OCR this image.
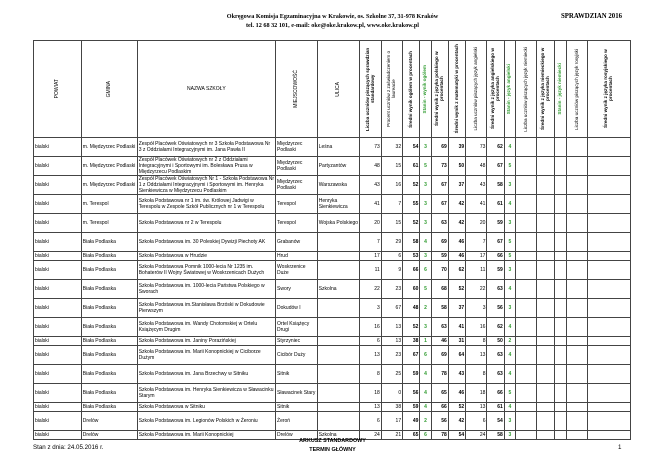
Okręgowa Komisja Egzaminacyjna w Krakowie, os. Szkolne 37, 31-978 Kraków
tel. 12 68 32 101, e-mail: oke@oke.krakow.pl, www.oke.krakow.pl
SPRAWDZIAN 2016
POWIAT	GMINA	NAZWA SZKOŁY	MIEJSCOWOŚĆ	ULICA	Liczba uczniów piszących sprawdzian standardowy	Procent uczniów z zaświadczeniem o laureacie	Średni wynik ogólem w procentach	Stanin - wynik ogólem	Średni wynik z języka polskiego w procentach	Średni wynik z matematyki w procentach	Liczba uczniów piszących język angielski	Średni wynik z języka angielskiego w procentach	Stanin - język angielski	Liczba uczniów piszących język niemiecki	Średni wynik z języka niemieckiego w procentach	Stanin - język niemiecki	Liczba uczniów piszących język rosyjski	Średni wynik z języka rosyjskiego w procentach

bialski	m. Międzyrzec Podlaski	Zespół Placówek Oświatowych nr 3 Szkoła Podstawowa Nr 3 z Oddziałami Integracyjnymi im. Jana Pawła II	Międzyrzec Podlaski	Leśna	73	32	54	3	69	39	73	62	4					
bialski	m. Międzyrzec Podlaski	Zespół Placówek Oświatowych nr 2 z Oddziałami Integracyjnymi i Sportowymi im. Bolesława Prusa w Międzyrzecu Podlaskim	Międzyrzec Podlaski	Partyzantów	48	15	61	5	73	50	48	67	5					
bialski	m. Międzyrzec Podlaski	Zespół Placówek Oświatowych Nr 1 - Szkoła Podstawowa Nr 1 z Oddziałami Integracyjnymi i Sportowymi im. Henryka Sienkiewicza w Międzyrzecu Podlaskim	Międzyrzec Podlaski	Warszawska	43	16	52	3	67	37	43	58	3					
bialski	m. Terespol	Szkoła Podstawowa nr 1 im. św. Królowej Jadwigi w Terespolu w Zespole Szkół Publicznych nr 1 w Terespolu	Terespol	Henryka Sienkiewicza	41	7	55	3	67	42	41	61	4					
bialski	m. Terespol	Szkoła Podstawowa nr 2 w Terespolu	Terespol	Wojska Polskiego	20	15	52	3	63	42	20	59	3					
bialski	Biała Podlaska	Szkoła Podstawowa im. 30 Poleskiej Dywizji Piechoty AK	Grabanów		7	29	58	4	69	46	7	67	5					
bialski	Biała Podlaska	Szkoła Podstawowa w Hrudzie	Hrud		17	6	53	3	59	46	17	66	5					
bialski	Biała Podlaska	Szkoła Podstawowa Pomnik 1000-lecia Nr 1235 im. Bohaterów II Wojny Światowej w Woskrzenicach Dużych	Woskrzenice Duże		11	9	66	6	70	62	11	59	3					
bialski	Biała Podlaska	Szkoła Podstawowa im. 1000-lecia Państwa Polskiego w Sworach	Swory	Szkolna	22	23	60	5	68	52	22	63	4					
bialski	Biała Podlaska	Szkoła Podstawowa im.Stanisława Brzóski w Dokudowie Pierwszym	Dokudów I		3	67	48	2	58	37	3	56	3					
bialski	Biała Podlaska	Szkoła Podstawowa im. Wandy Chotomskiej w Ortelu Książęcym Drugim	Ortel Książęcy Drugi		16	13	52	3	63	41	16	62	4					
bialski	Biała Podlaska	Szkoła Podstawowa im. Janiny Porazińskiej	Styrzyniec		6	13	38	1	46	31	8	50	2					
bialski	Biała Podlaska	Szkoła Podstawowa im. Marii Konopnickiej w Ciciborze Dużym	Cicibór Duży		13	23	67	6	69	64	13	63	4					
bialski	Biała Podlaska	Szkoła Podstawowa im. Jana Brzechwy w Sitniku	Sitnik		8	25	59	4	78	43	8	63	4					
bialski	Biała Podlaska	Szkoła Podstawowa im. Henryka Sienkiewicza w Sławacinku Starym	Sławacinek Stary		18	0	56	4	65	46	18	66	5					
bialski	Biała Podlaska	Szkoła Podstawowa w Sitniku	Sitnik		13	38	59	4	66	52	13	61	4					
bialski	Drelów	Szkoła Podstawowa im. Legionów Polskich w Żeroniu	Żeroń		6	17	49	2	56	42	6	54	3					
bialski	Drelów	Szkoła Podstawowa im. Marii Konopnickiej	Drelów	Szkolna	24	21	65	6	78	54	24	58	3					
Stan z dnia: 24.05.2016 r.
ARKUSZ STANDARDOWY
TERMIN GŁÓWNY	1
